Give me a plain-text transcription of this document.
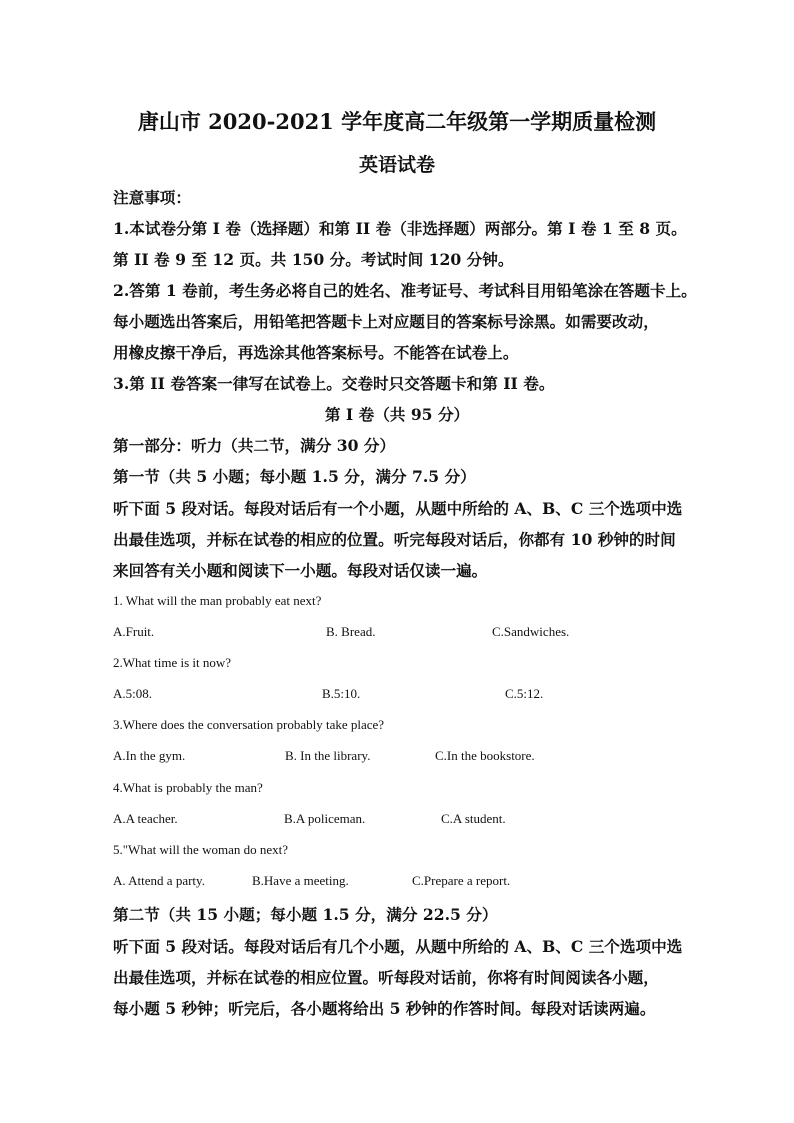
唐山市 2020-2021 学年度高二年级第一学期质量检测
英语试卷
注意事项：
1.本试卷分第 I 卷（选择题）和第 II 卷（非选择题）两部分。第 I 卷 1 至 8 页。
第 II 卷 9 至 12 页。共 150 分。考试时间 120 分钟。
2.答第 1 卷前，考生务必将自己的姓名、准考证号、考试科目用铅笔涂在答题卡上。
每小题选出答案后，用铅笔把答题卡上对应题目的答案标号涂黑。如需要改动，
用橡皮擦干净后，再选涂其他答案标号。不能答在试卷上。
3.第 II 卷答案一律写在试卷上。交卷时只交答题卡和第 II 卷。
第 I 卷（共 95 分）
第一部分：听力（共二节，满分 30 分）
第一节（共 5 小题；每小题 1.5 分，满分 7.5 分）
听下面 5 段对话。每段对话后有一个小题，从题中所给的 A、B、C 三个选项中选
出最佳选项，并标在试卷的相应的位置。听完每段对话后，你都有 10 秒钟的时间
来回答有关小题和阅读下一小题。每段对话仅读一遍。
1. What will the man probably eat next?
A.Fruit.	B. Bread.	C.Sandwiches.
2.What time is it now?
A.5:08.	B.5:10.	C.5:12.
3.Where does the conversation probably take place?
A.In the gym.	B. In the library.	C.In the bookstore.
4.What is probably the man?
A.A teacher.	B.A policeman.	C.A student.
5."What will the woman do next?
A. Attend a party.	B.Have a meeting.	C.Prepare a report.
第二节（共 15 小题；每小题 1.5 分，满分 22.5 分）
听下面 5 段对话。每段对话后有几个小题，从题中所给的 A、B、C 三个选项中选
出最佳选项，并标在试卷的相应位置。听每段对话前，你将有时间阅读各小题，
每小题 5 秒钟；听完后，各小题将给出 5 秒钟的作答时间。每段对话读两遍。
